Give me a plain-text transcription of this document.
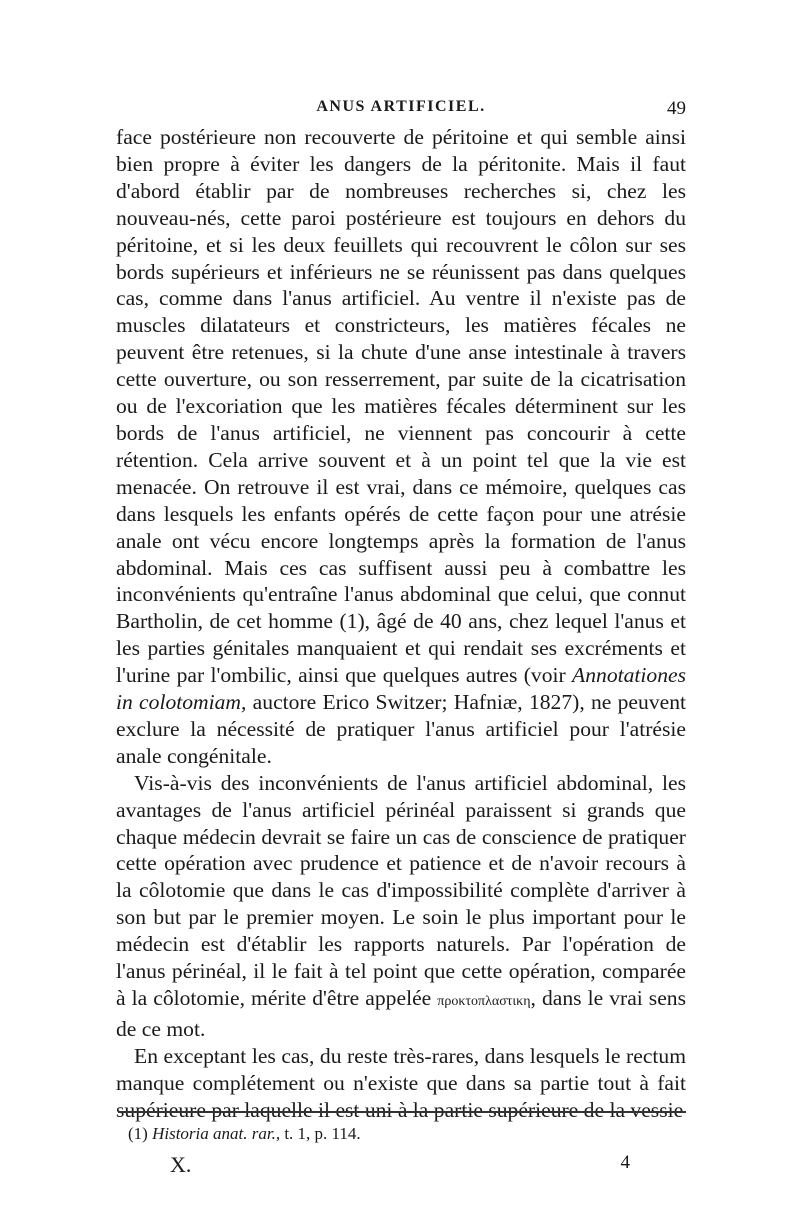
ANUS ARTIFICIEL.	49

face postérieure non recouverte de péritoine et qui semble ainsi bien propre à éviter les dangers de la péritonite. Mais il faut d'abord établir par de nombreuses recherches si, chez les nouveau-nés, cette paroi postérieure est toujours en dehors du péritoine, et si les deux feuillets qui recouvrent le côlon sur ses bords supérieurs et inférieurs ne se réunissent pas dans quelques cas, comme dans l'anus artificiel. Au ventre il n'existe pas de muscles dilatateurs et constricteurs, les matières fécales ne peuvent être retenues, si la chute d'une anse intestinale à travers cette ouverture, ou son resserrement, par suite de la cicatrisation ou de l'excoriation que les matières fécales déterminent sur les bords de l'anus artificiel, ne viennent pas concourir à cette rétention. Cela arrive souvent et à un point tel que la vie est menacée. On retrouve il est vrai, dans ce mémoire, quelques cas dans lesquels les enfants opérés de cette façon pour une atrésie anale ont vécu encore longtemps après la formation de l'anus abdominal. Mais ces cas suffisent aussi peu à combattre les inconvénients qu'entraîne l'anus abdominal que celui, que connut Bartholin, de cet homme (1), âgé de 40 ans, chez lequel l'anus et les parties génitales manquaient et qui rendait ses excréments et l'urine par l'ombilic, ainsi que quelques autres (voir Annotationes in colotomiam, auctore Erico Switzer; Hafniæ, 1827), ne peuvent exclure la nécessité de pratiquer l'anus artificiel pour l'atrésie anale congénitale.

Vis-à-vis des inconvénients de l'anus artificiel abdominal, les avantages de l'anus artificiel périnéal paraissent si grands que chaque médecin devrait se faire un cas de conscience de pratiquer cette opération avec prudence et patience et de n'avoir recours à la côlotomie que dans le cas d'impossibilité complète d'arriver à son but par le premier moyen. Le soin le plus important pour le médecin est d'établir les rapports naturels. Par l'opération de l'anus périnéal, il le fait à tel point que cette opération, comparée à la côlotomie, mérite d'être appelée προκτοπλαστικη, dans le vrai sens de ce mot.

En exceptant les cas, du reste très-rares, dans lesquels le rectum manque complétement ou n'existe que dans sa partie tout à fait supérieure par laquelle il est uni à la partie supérieure de la vessie

(1) Historia anat. rar., t. 1, p. 114.
X.	4
